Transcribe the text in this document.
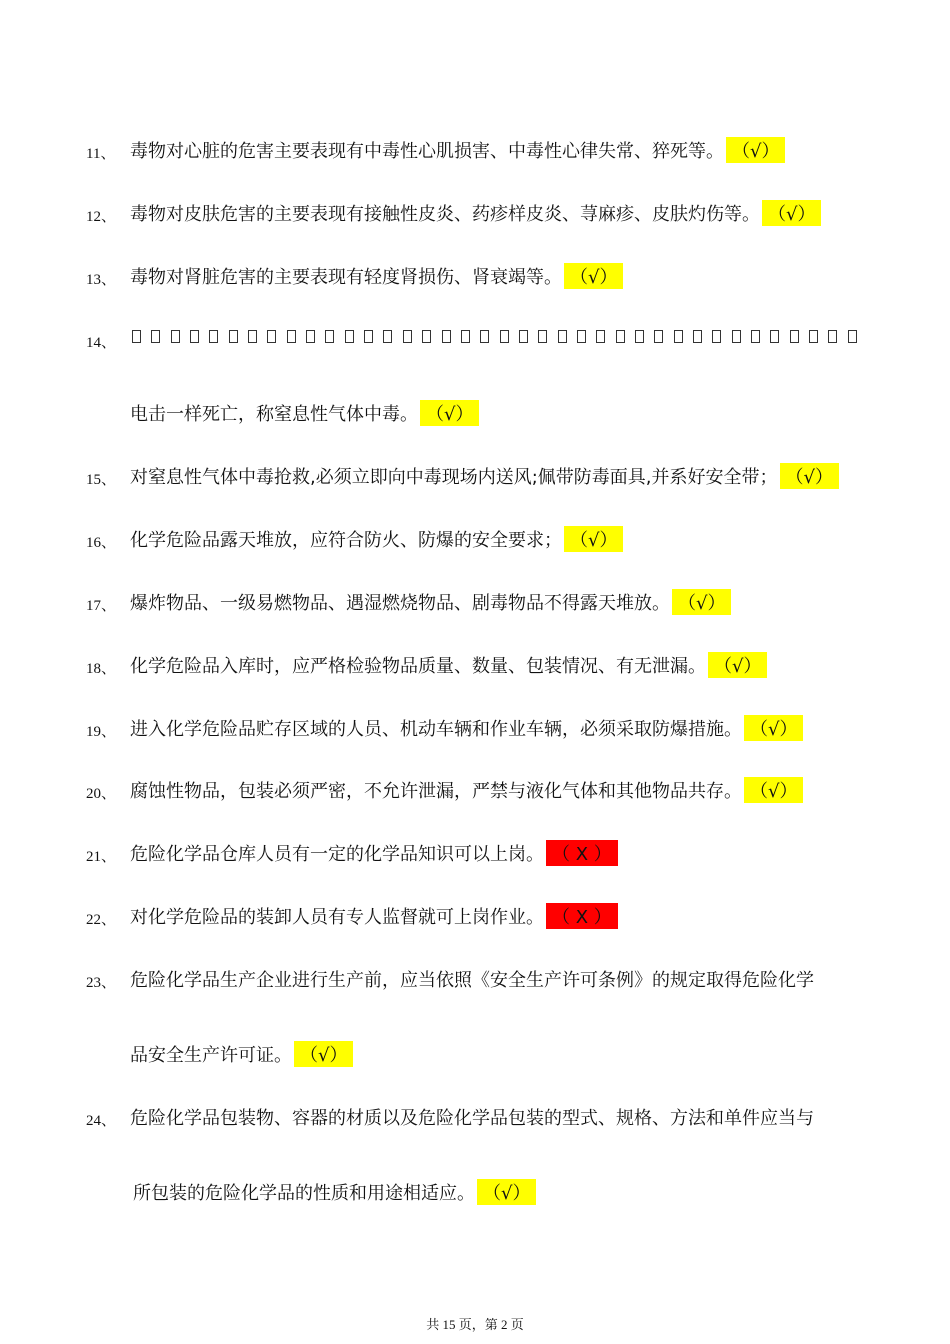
11、 毒物对心脏的危害主要表现有中毒性心肌损害、中毒性心律失常、猝死等。 （√）
12、 毒物对皮肤危害的主要表现有接触性皮炎、药疹样皮炎、荨麻疹、皮肤灼伤等。 （√）
13、 毒物对肾脏危害的主要表现有轻度肾损伤、肾衰竭等。 （√）
14、
电击一样死亡，称窒息性气体中毒。 （√）
15、 对窒息性气体中毒抢救,必须立即向中毒现场内送风;佩带防毒面具,并系好安全带； （√）
16、 化学危险品露天堆放，应符合防火、防爆的安全要求； （√）
17、 爆炸物品、一级易燃物品、遇湿燃烧物品、剧毒物品不得露天堆放。 （√）
18、 化学危险品入库时，应严格检验物品质量、数量、包装情况、有无泄漏。 （√）
19、 进入化学危险品贮存区域的人员、机动车辆和作业车辆，必须采取防爆措施。 （√）
20、 腐蚀性物品，包装必须严密，不允许泄漏，严禁与液化气体和其他物品共存。 （√）
21、 危险化学品仓库人员有一定的化学品知识可以上岗。 （ X ）
22、 对化学危险品的装卸人员有专人监督就可上岗作业。 （ X ）
23、 危险化学品生产企业进行生产前，应当依照《安全生产许可条例》的规定取得危险化学
品安全生产许可证。 （√）
24、 危险化学品包装物、容器的材质以及危险化学品包装的型式、规格、方法和单件应当与
所包装的危险化学品的性质和用途相适应。 （√）
共 15 页，第 2 页
